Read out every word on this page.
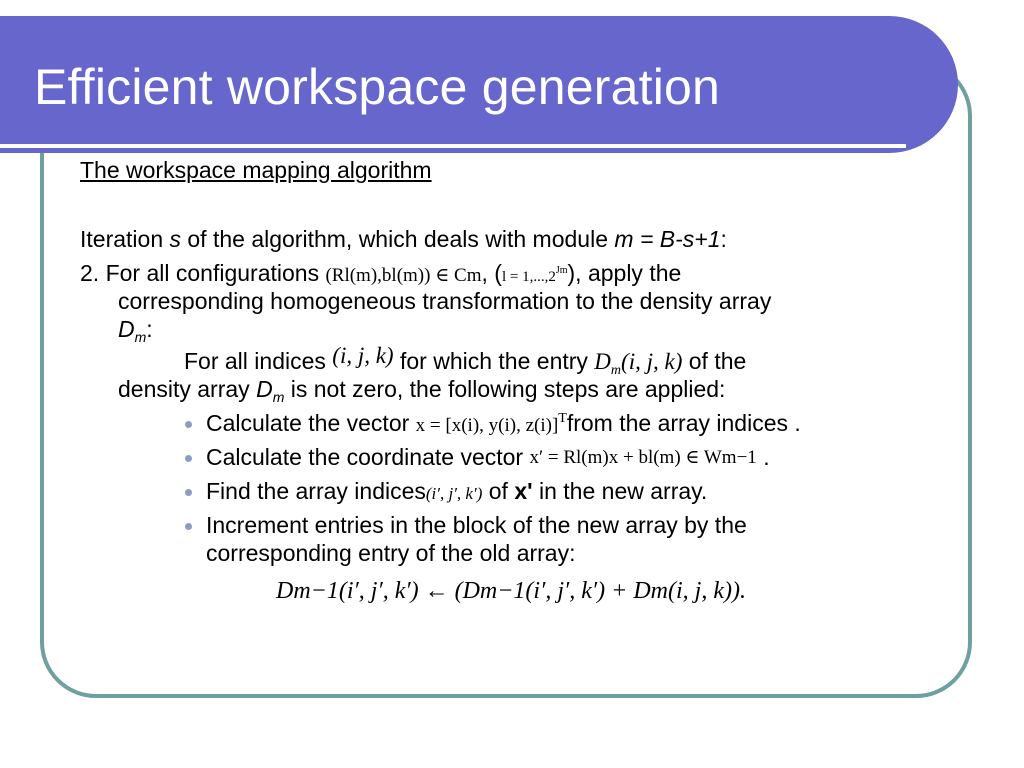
Efficient workspace generation
The workspace mapping algorithm
Iteration s of the algorithm, which deals with module m = B-s+1:
2. For all configurations (Rl(m),bl(m)) ∈ Cm, $(l = 1,...,2^{Jm})$, apply the
corresponding homogeneous transformation to the density array
$D_m$:
For all indices (i, j, k) for which the entry $D_m(i$, j, k) of the
density array $D_m$ is not zero, the following steps are applied:
Calculate the vector x = [x(i), y(i), z(i)]$^T$from the array indices .
Calculate the coordinate vector x′ = Rl(m)x + bl(m) ∈ Wm−1 .
Find the array indices(i′, j′, k′) of x' in the new array.
Increment entries in the block of the new array by the
corresponding entry of the old array:
Dm−1(i′, j′, k′) ← (Dm−1(i′, j′, k′) + Dm(i, j, k)).
